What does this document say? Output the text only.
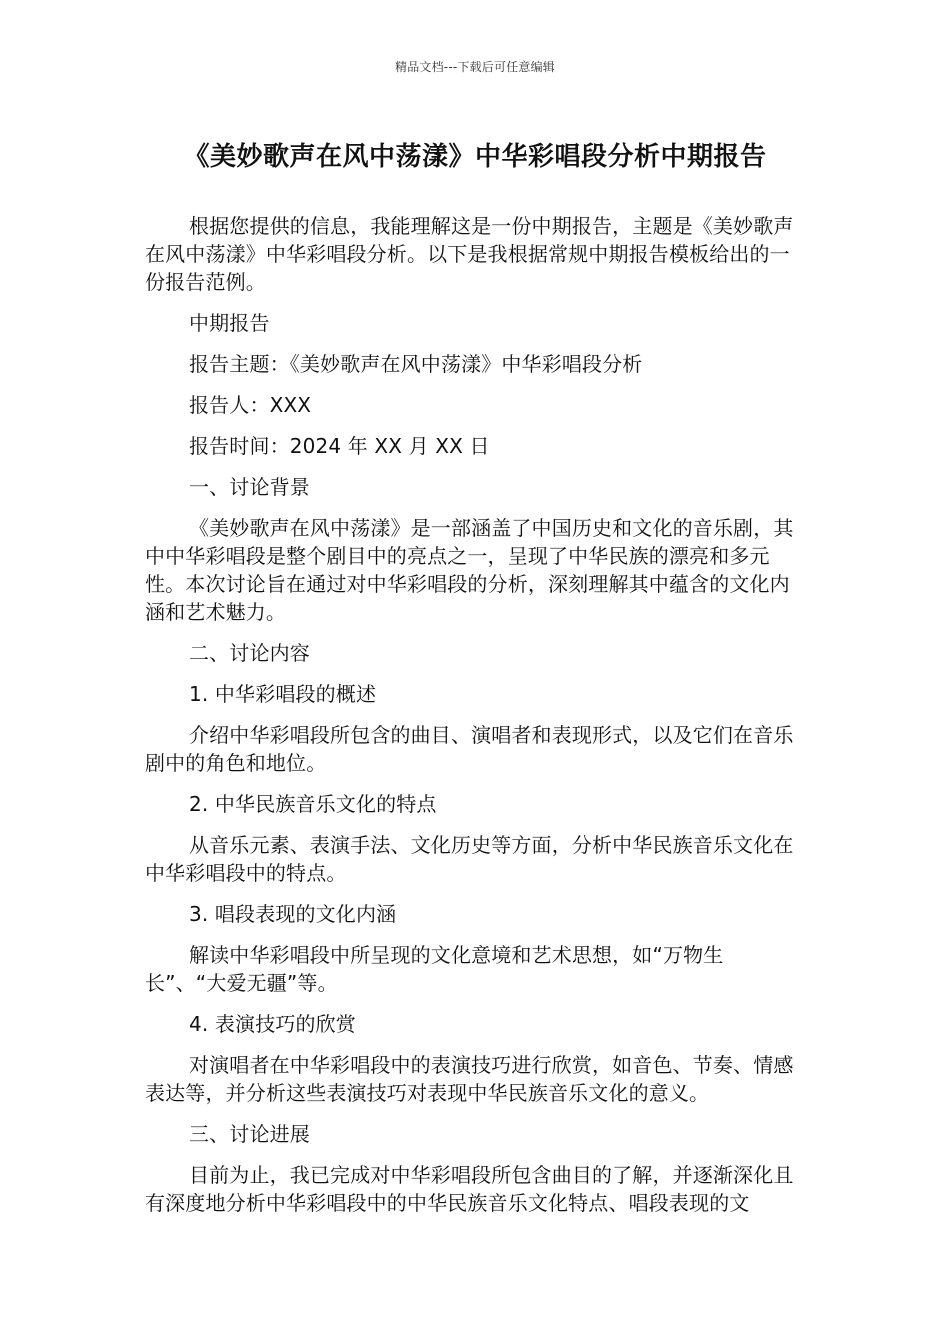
精品文档---下载后可任意编辑
《美妙歌声在风中荡漾》中华彩唱段分析中期报告

根据您提供的信息，我能理解这是一份中期报告，主题是《美妙歌声在风中荡漾》中华彩唱段分析。以下是我根据常规中期报告模板给出的一份报告范例。

中期报告

报告主题：《美妙歌声在风中荡漾》中华彩唱段分析

报告人：XXX

报告时间：2024 年 XX 月 XX 日

一、讨论背景

《美妙歌声在风中荡漾》是一部涵盖了中国历史和文化的音乐剧，其中中华彩唱段是整个剧目中的亮点之一，呈现了中华民族的漂亮和多元性。本次讨论旨在通过对中华彩唱段的分析，深刻理解其中蕴含的文化内涵和艺术魅力。

二、讨论内容

1. 中华彩唱段的概述

介绍中华彩唱段所包含的曲目、演唱者和表现形式，以及它们在音乐剧中的角色和地位。

2. 中华民族音乐文化的特点

从音乐元素、表演手法、文化历史等方面，分析中华民族音乐文化在中华彩唱段中的特点。

3. 唱段表现的文化内涵

解读中华彩唱段中所呈现的文化意境和艺术思想，如“万物生长”、“大爱无疆”等。

4. 表演技巧的欣赏

对演唱者在中华彩唱段中的表演技巧进行欣赏，如音色、节奏、情感表达等，并分析这些表演技巧对表现中华民族音乐文化的意义。

三、讨论进展

目前为止，我已完成对中华彩唱段所包含曲目的了解，并逐渐深化且有深度地分析中华彩唱段中的中华民族音乐文化特点、唱段表现的文
